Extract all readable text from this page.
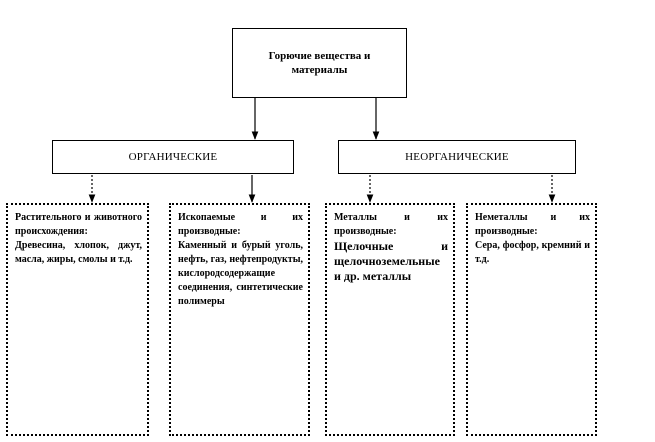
Горючие вещества и материалы
ОРГАНИЧЕСКИЕ	НЕОРГАНИЧЕСКИЕ
Растительного и животного происхождения:
Древесина, хлопок, джут, масла, жиры, смолы и т.д.
Ископаемые и их производные:
Каменный и бурый уголь, нефть, газ, нефтепродукты, кислородсодержащие соединения, синтетические полимеры
Металлы и их производные:
Щелочные и щелочноземельные и др. металлы
Неметаллы и их производные:
Сера, фосфор, кремний и т.д.
